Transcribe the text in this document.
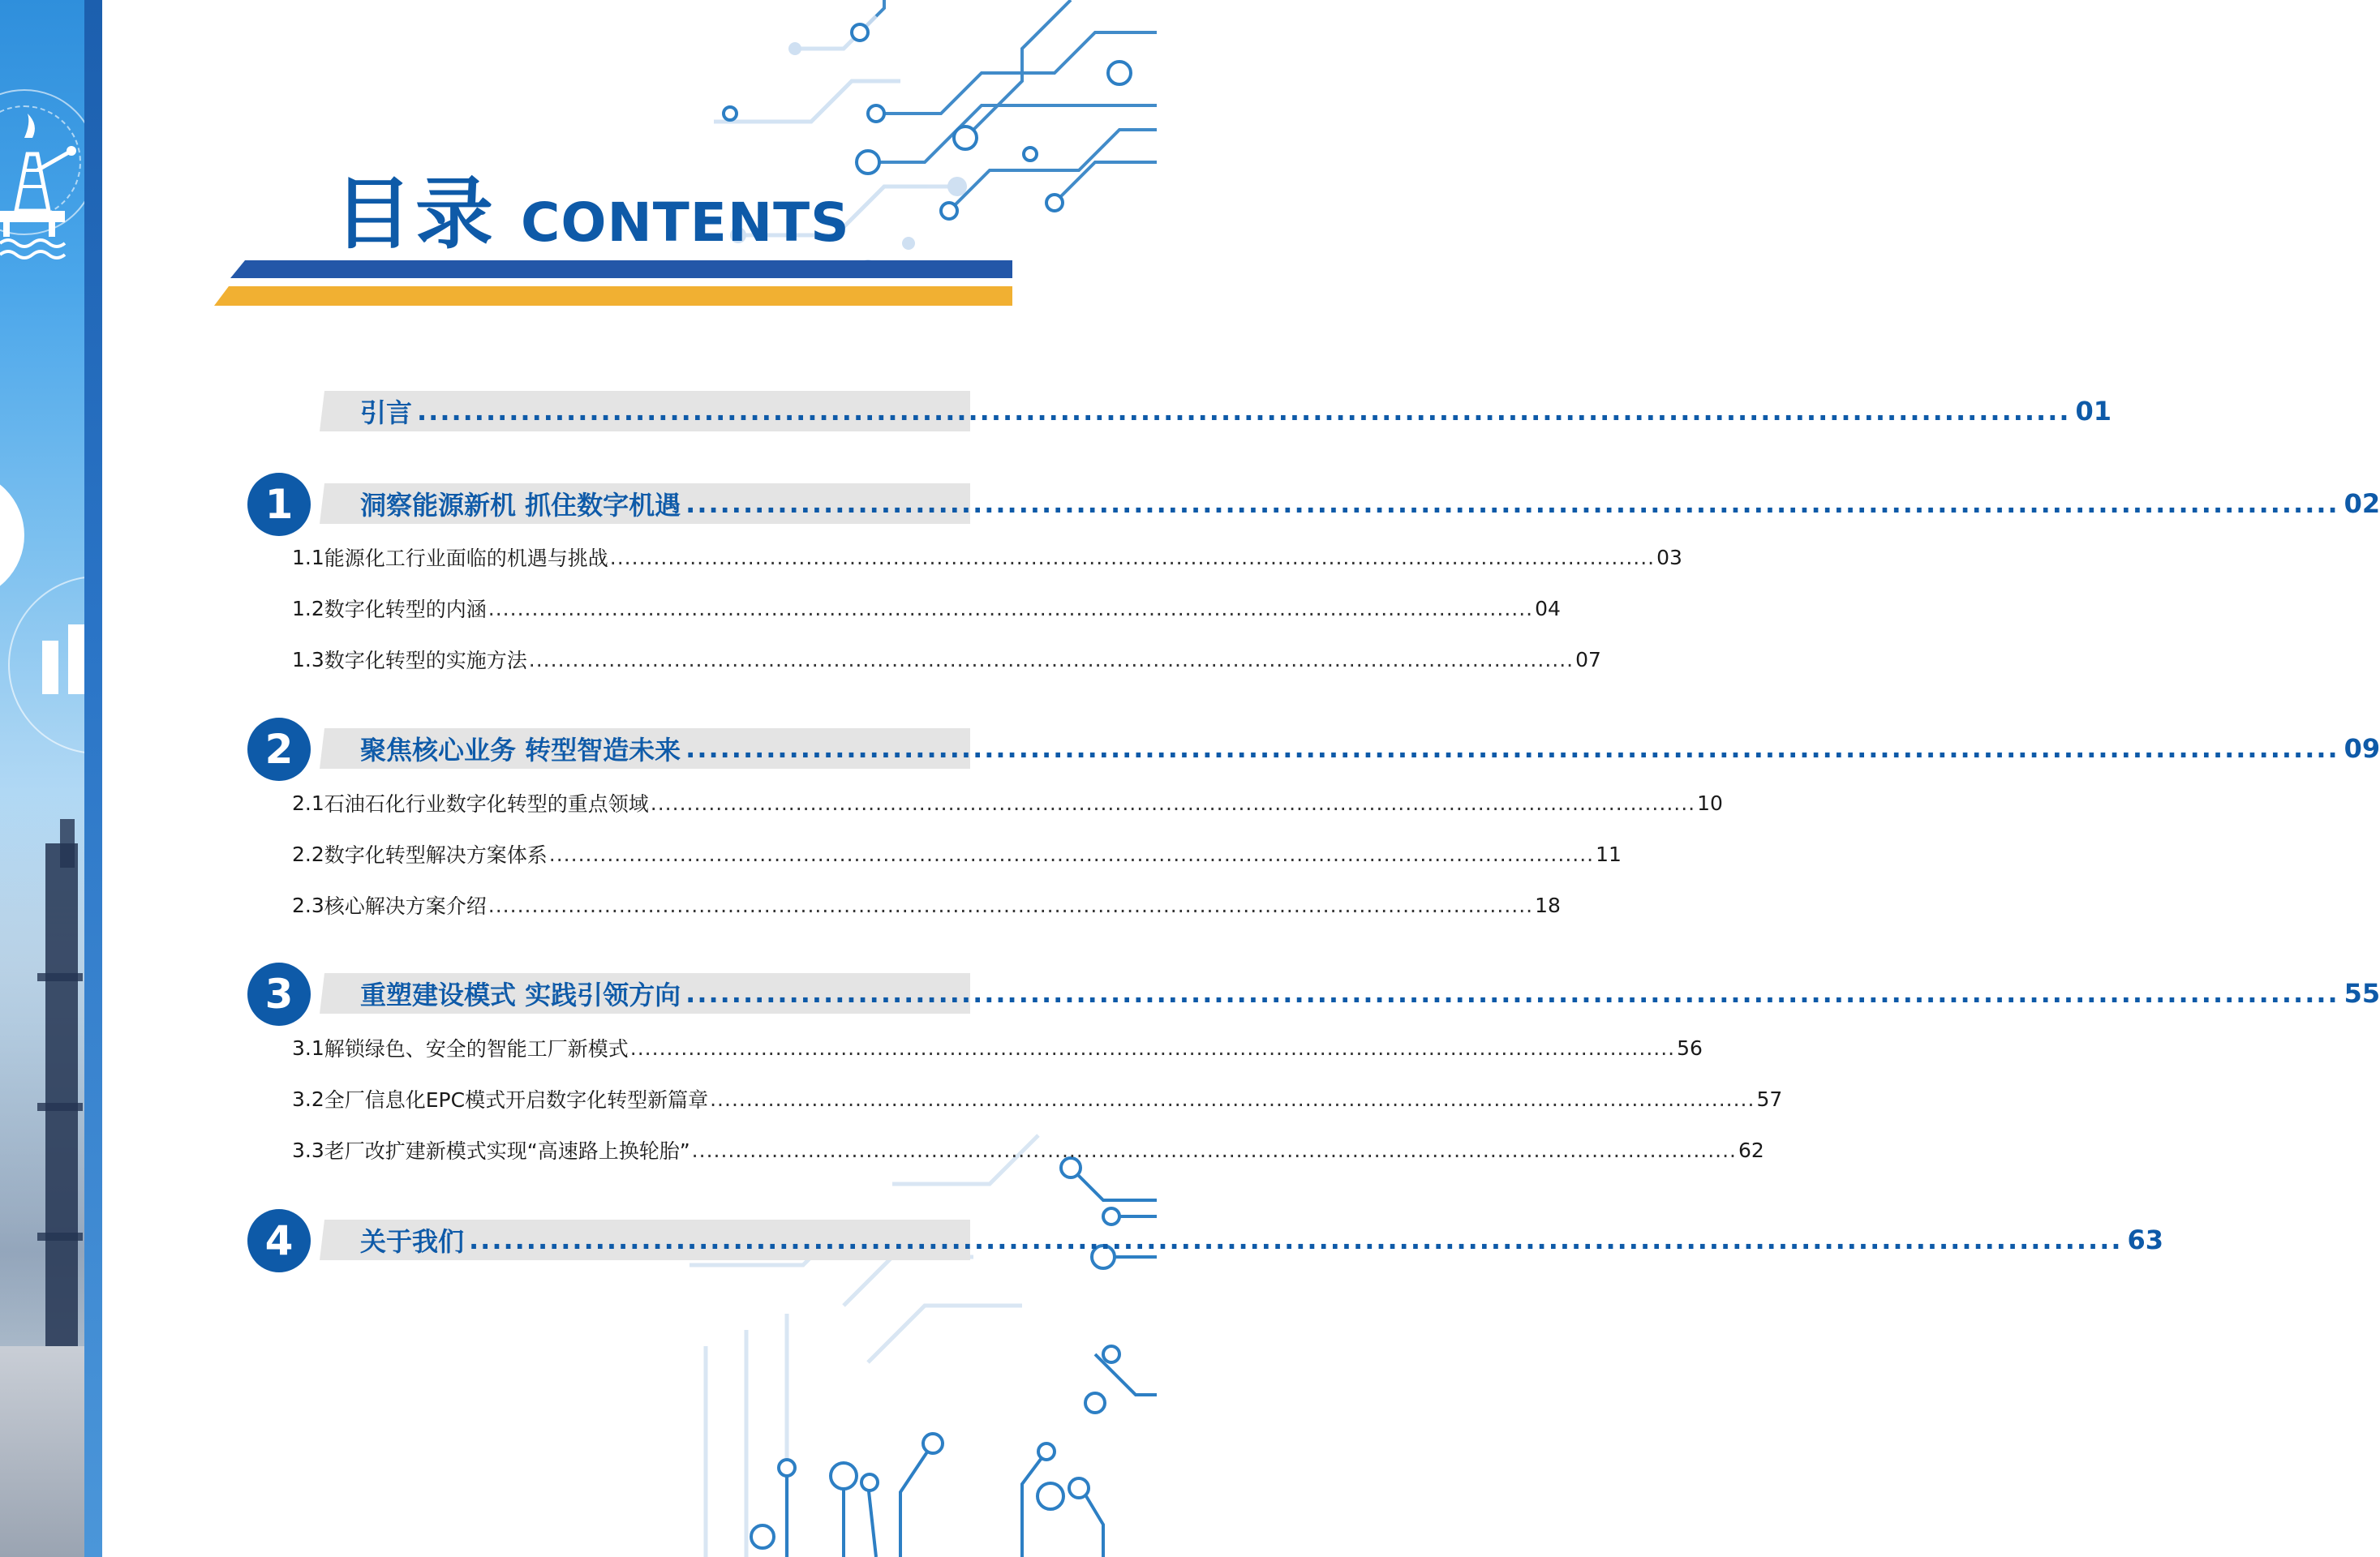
目录 CONTENTS
引言 ................................................................................................................................................ 01
1	洞察能源新机 抓住数字机遇 ................................................................................................................................................ 02
1.1 能源化工行业面临的机遇与挑战 ................................................................................................................................................ 03
1.2 数字化转型的内涵 ................................................................................................................................................ 04
1.3 数字化转型的实施方法 ................................................................................................................................................ 07
2	聚焦核心业务 转型智造未来 ................................................................................................................................................ 09
2.1 石油石化行业数字化转型的重点领域 ................................................................................................................................................ 10
2.2 数字化转型解决方案体系 ................................................................................................................................................ 11
2.3 核心解决方案介绍 ................................................................................................................................................ 18
3	重塑建设模式 实践引领方向 ................................................................................................................................................ 55
3.1 解锁绿色、安全的智能工厂新模式 ................................................................................................................................................ 56
3.2 全厂信息化EPC模式开启数字化转型新篇章 ................................................................................................................................................ 57
3.3 老厂改扩建新模式实现“高速路上换轮胎” ................................................................................................................................................ 62
4	关于我们 ................................................................................................................................................ 63
